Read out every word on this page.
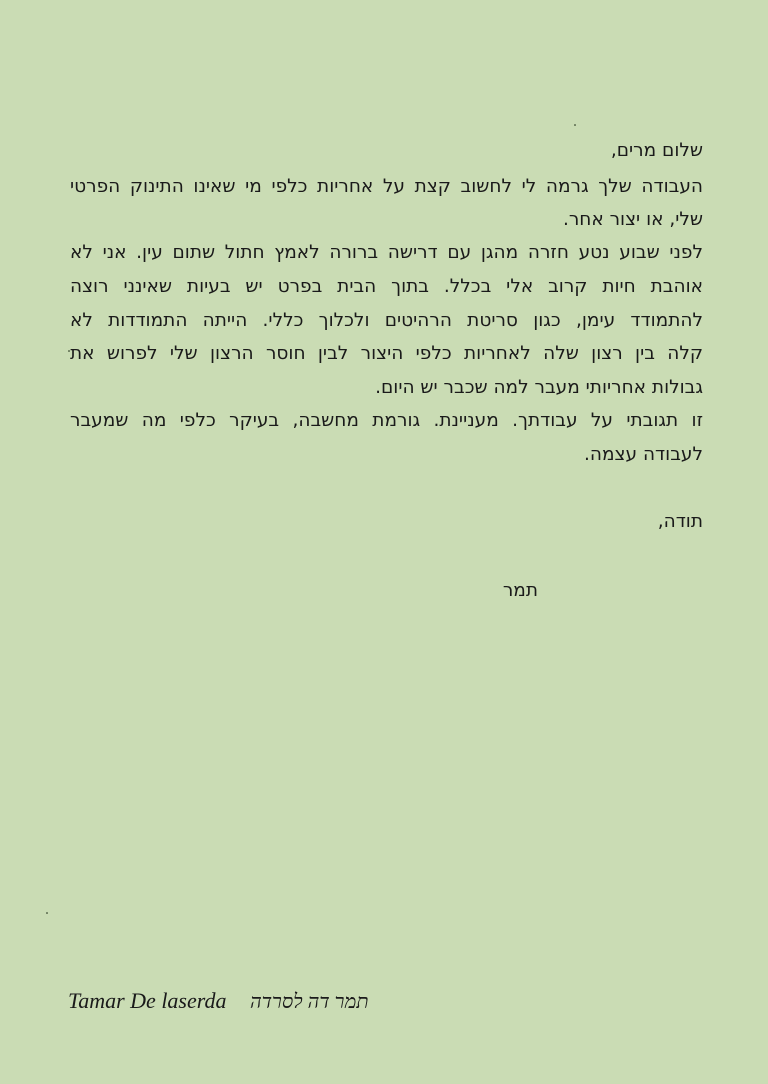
שלום מרים,
העבודה שלך גרמה לי לחשוב קצת על אחריות כלפי מי שאינו התינוק הפרטי
שלי, או יצור אחר.
לפני שבוע נטע חזרה מהגן עם דרישה ברורה לאמץ חתול שתום עין. אני לא
אוהבת חיות קרוב אלי בכלל. בתוך הבית בפרט יש בעיות שאינני רוצה
להתמודד עימן, כגון סריטת הרהיטים ולכלוך כללי. הייתה התמודדות לא
קלה בין רצון שלה לאחריות כלפי היצור לבין חוסר הרצון שלי לפרוש את
גבולות אחריותי מעבר למה שכבר יש היום.
זו תגובתי על עבודתך. מעניינת. גורמת מחשבה, בעיקר כלפי מה שמעבר
לעבודה עצמה.
תודה,
תמר
Tamar De laserda תמר דה לסרדה
